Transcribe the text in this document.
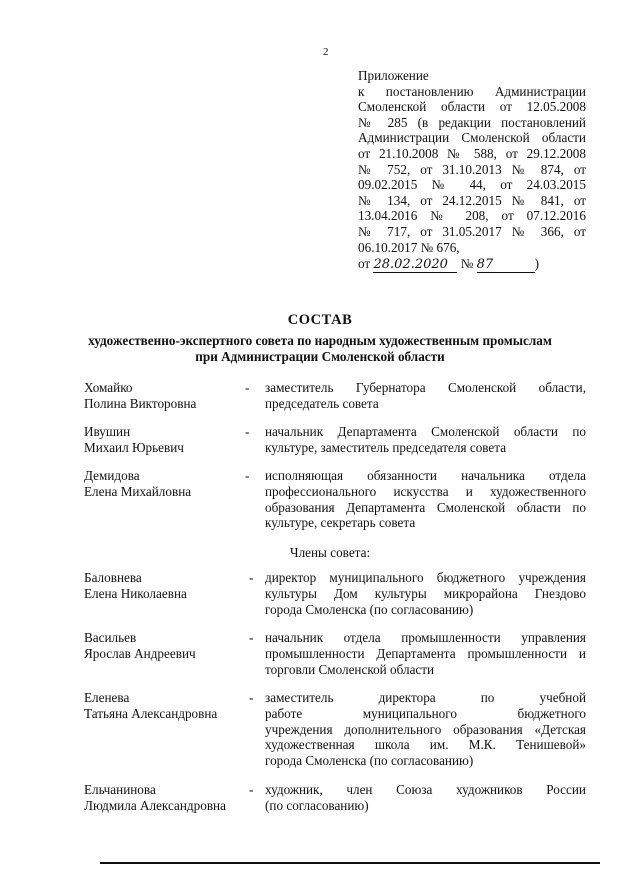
2
Приложение
к постановлению Администрации
Смоленской области от 12.05.2008
№ 285 (в редакции постановлений
Администрации Смоленской области
от 21.10.2008 № 588, от 29.12.2008
№ 752, от 31.10.2013 № 874, от
09.02.2015 № 44, от 24.03.2015
№ 134, от 24.12.2015 № 841, от
13.04.2016 № 208, от 07.12.2016
№ 717, от 31.05.2017 № 366, от
06.10.2017 № 676,
от 28.02.2020 № 87	)
СОСТАВ
художественно-экспертного совета по народным художественным промыслам
при Администрации Смоленской области
Хомайко
Полина Викторовна
- заместитель Губернатора Смоленской области,
председатель совета
Ивушин
Михаил Юрьевич
- начальник Департамента Смоленской области по
культуре, заместитель председателя совета
Демидова
Елена Михайловна
- исполняющая обязанности начальника отдела
профессионального искусства и художественного
образования Департамента Смоленской области по
культуре, секретарь совета
Члены совета:
Баловнева
Елена Николаевна
- директор муниципального бюджетного учреждения
культуры Дом культуры микрорайона Гнездово
города Смоленска (по согласованию)
Васильев
Ярослав Андреевич
- начальник отдела промышленности управления
промышленности Департамента промышленности и
торговли Смоленской области
Еленева
Татьяна Александровна
- заместитель директора по учебной
работе муниципального бюджетного
учреждения дополнительного образования «Детская
художественная школа им. М.К. Тенишевой»
города Смоленска (по согласованию)
Ельчанинова
Людмила Александровна
- художник, член Союза художников России
(по согласованию)
